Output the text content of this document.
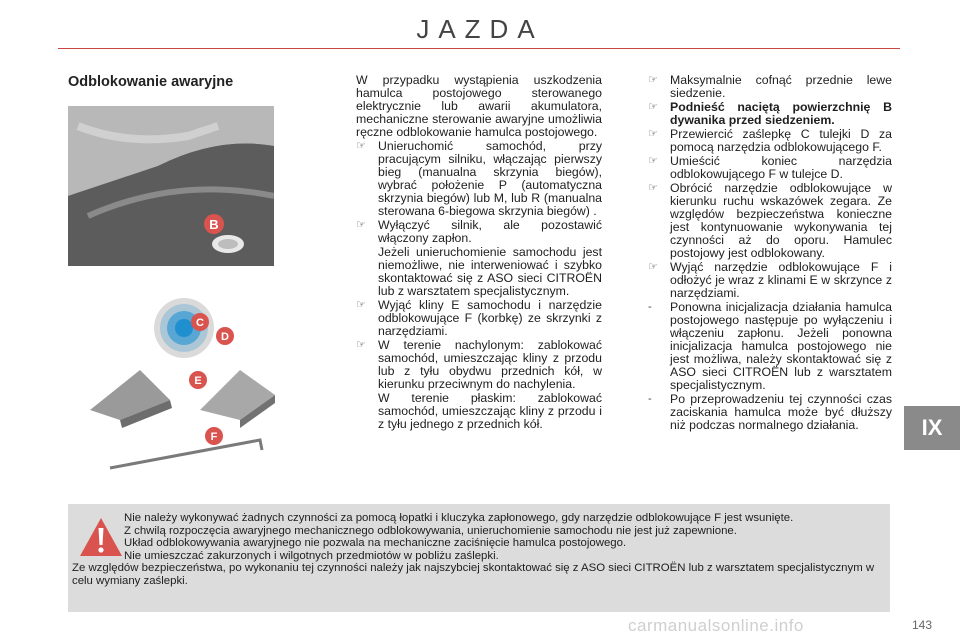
JAZDA
IX
Odblokowanie awaryjne
B
C
D
E
F
W przypadku wystąpienia uszkodzenia hamulca postojowego sterowanego elektrycznie lub awarii akumulatora, mechaniczne sterowanie awaryjne umożliwia ręczne odblokowanie hamulca postojowego.
☞ Unieruchomić samochód, przy pracującym silniku, włączając pierwszy bieg (manualna skrzynia biegów), wybrać położenie P (automatyczna skrzynia biegów) lub M, lub R (manualna sterowana 6-biegowa skrzynia biegów) .
☞ Wyłączyć silnik, ale pozostawić włączony zapłon.
Jeżeli unieruchomienie samochodu jest niemożliwe, nie interweniować i szybko skontaktować się z ASO sieci CITROËN lub z warsztatem specjalistycznym.
☞ Wyjąć kliny E samochodu i narzędzie odblokowujące F (korbkę) ze skrzynki z narzędziami.
☞ W terenie nachylonym: zablokować samochód, umieszczając kliny z przodu lub z tyłu obydwu przednich kół, w kierunku przeciwnym do nachylenia.
W terenie płaskim: zablokować samochód, umieszczając kliny z przodu i z tyłu jednego z przednich kół.
☞ Maksymalnie cofnąć przednie lewe siedzenie.
☞ Podnieść naciętą powierzchnię B dywanika przed siedzeniem.
☞ Przewiercić zaślepkę C tulejki D za pomocą narzędzia odblokowującego F.
☞ Umieścić koniec narzędzia odblokowującego F w tulejce D.
☞ Obrócić narzędzie odblokowujące w kierunku ruchu wskazówek zegara. Ze względów bezpieczeństwa konieczne jest kontynuowanie wykonywania tej czynności aż do oporu. Hamulec postojowy jest odblokowany.
☞ Wyjąć narzędzie odblokowujące F i odłożyć je wraz z klinami E w skrzynce z narzędziami.
- Ponowna inicjalizacja działania hamulca postojowego następuje po wyłączeniu i włączeniu zapłonu. Jeżeli ponowna inicjalizacja hamulca postojowego nie jest możliwa, należy skontaktować się z ASO sieci CITROËN lub z warsztatem specjalistycznym.
- Po przeprowadzeniu tej czynności czas zaciskania hamulca może być dłuższy niż podczas normalnego działania.
Nie należy wykonywać żadnych czynności za pomocą łopatki i kluczyka zapłonowego, gdy narzędzie odblokowujące F jest wsunięte.
Z chwilą rozpoczęcia awaryjnego mechanicznego odblokowywania, unieruchomienie samochodu nie jest już zapewnione.
Układ odblokowywania awaryjnego nie pozwala na mechaniczne zaciśnięcie hamulca postojowego.
Nie umieszczać zakurzonych i wilgotnych przedmiotów w pobliżu zaślepki.
Ze względów bezpieczeństwa, po wykonaniu tej czynności należy jak najszybciej skontaktować się z ASO sieci CITROËN lub z warsztatem specjalistycznym w celu wymiany zaślepki.
carmanualsonline.info	143
